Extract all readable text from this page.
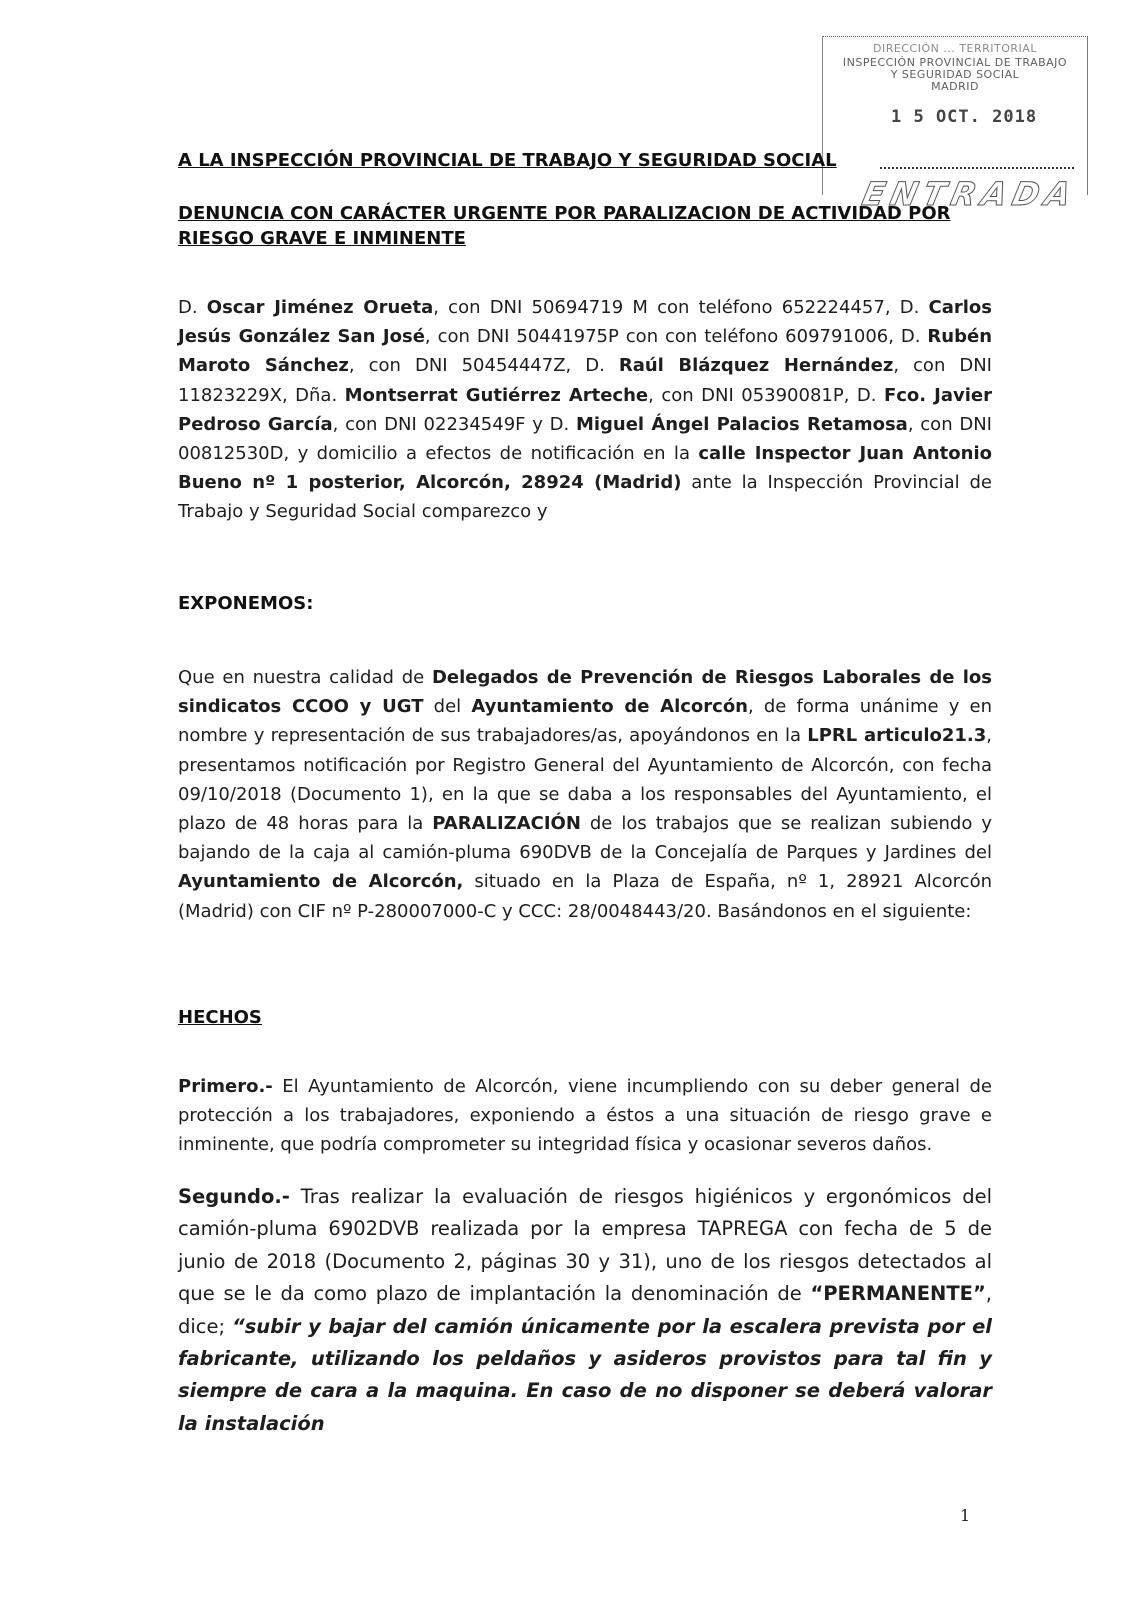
DIRECCIÓN ... TERRITORIAL
INSPECCIÓN PROVINCIAL DE TRABAJO
Y SEGURIDAD SOCIAL
MADRID
1 5 OCT. 2018
ENTRADA
A LA INSPECCIÓN PROVINCIAL DE TRABAJO Y SEGURIDAD SOCIAL
DENUNCIA CON CARÁCTER URGENTE POR PARALIZACION DE ACTIVIDAD POR RIESGO GRAVE E INMINENTE

D. Oscar Jiménez Orueta, con DNI 50694719 M con teléfono 652224457, D. Carlos Jesús González San José, con DNI 50441975P con con teléfono 609791006, D. Rubén Maroto Sánchez, con DNI 50454447Z, D. Raúl Blázquez Hernández, con DNI 11823229X, Dña. Montserrat Gutiérrez Arteche, con DNI 05390081P, D. Fco. Javier Pedroso García, con DNI 02234549F y D. Miguel Ángel Palacios Retamosa, con DNI 00812530D, y domicilio a efectos de notificación en la calle Inspector Juan Antonio Bueno nº 1 posterior, Alcorcón, 28924 (Madrid) ante la Inspección Provincial de Trabajo y Seguridad Social comparezco y

EXPONEMOS:

Que en nuestra calidad de Delegados de Prevención de Riesgos Laborales de los sindicatos CCOO y UGT del Ayuntamiento de Alcorcón, de forma unánime y en nombre y representación de sus trabajadores/as, apoyándonos en la LPRL articulo21.3, presentamos notificación por Registro General del Ayuntamiento de Alcorcón, con fecha 09/10/2018 (Documento 1), en la que se daba a los responsables del Ayuntamiento, el plazo de 48 horas para la PARALIZACIÓN de los trabajos que se realizan subiendo y bajando de la caja al camión-pluma 690DVB de la Concejalía de Parques y Jardines del Ayuntamiento de Alcorcón, situado en la Plaza de España, nº 1, 28921 Alcorcón (Madrid) con CIF nº P-280007000-C y CCC: 28/0048443/20. Basándonos en el siguiente:

HECHOS

Primero.- El Ayuntamiento de Alcorcón, viene incumpliendo con su deber general de protección a los trabajadores, exponiendo a éstos a una situación de riesgo grave e inminente, que podría comprometer su integridad física y ocasionar severos daños.

Segundo.- Tras realizar la evaluación de riesgos higiénicos y ergonómicos del camión-pluma 6902DVB realizada por la empresa TAPREGA con fecha de 5 de junio de 2018 (Documento 2, páginas 30 y 31), uno de los riesgos detectados al que se le da como plazo de implantación la denominación de “PERMANENTE”, dice; “subir y bajar del camión únicamente por la escalera prevista por el fabricante, utilizando los peldaños y asideros provistos para tal fin y siempre de cara a la maquina. En caso de no disponer se deberá valorar la instalación

1
